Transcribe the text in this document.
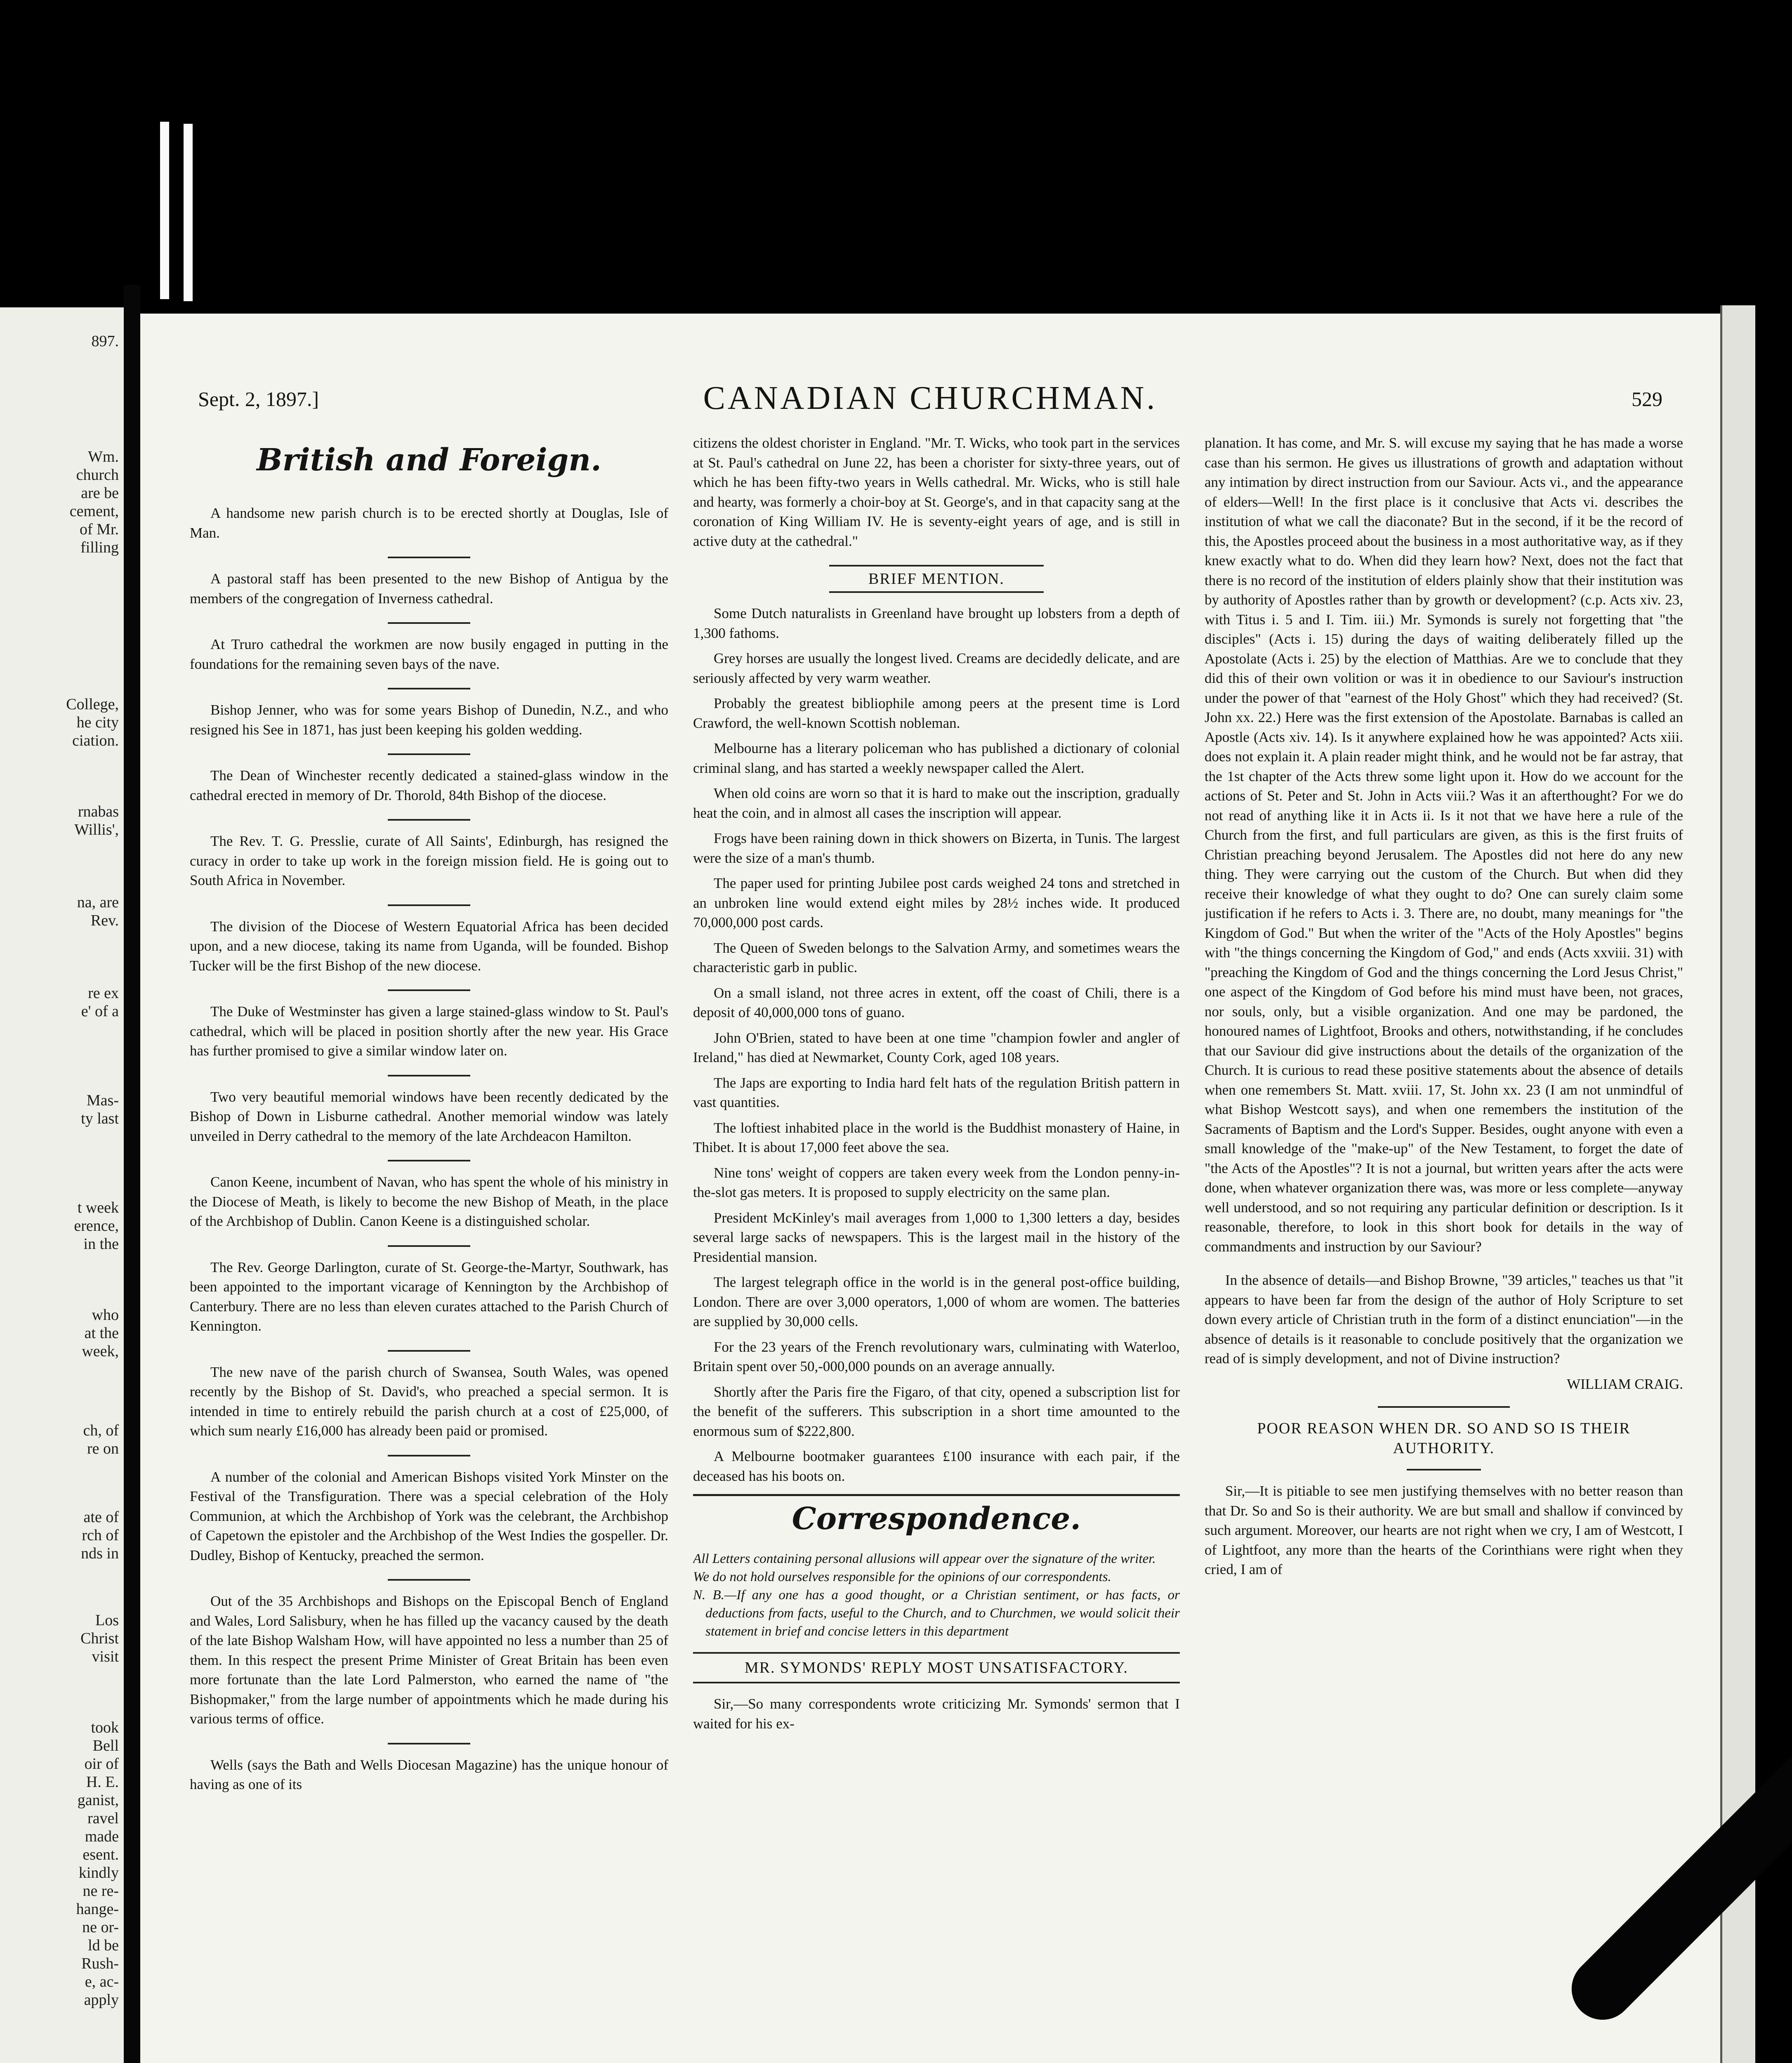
897.
Wm.
church
are be
cement,
of Mr.
filling
College,
he city
ciation.
rnabas
Willis',
na, are
Rev.
re ex
e' of a
Mas-
ty last
t week
erence,
in the
who
at the
week,
ch, of
re on
ate of
rch of
nds in
Los
Christ
visit
took
Bell
oir of
H. E.
ganist,
ravel
made
esent.
kindly
ne re-
hange-
ne or-
ld be
Rush-
e, ac-
apply
Sept. 2, 1897.]	CANADIAN CHURCHMAN.	529
British and Foreign.

A handsome new parish church is to be erected shortly at Douglas, Isle of Man.

A pastoral staff has been presented to the new Bishop of Antigua by the members of the congregation of Inverness cathedral.

At Truro cathedral the workmen are now busily engaged in putting in the foundations for the remaining seven bays of the nave.

Bishop Jenner, who was for some years Bishop of Dunedin, N.Z., and who resigned his See in 1871, has just been keeping his golden wedding.

The Dean of Winchester recently dedicated a stained-glass window in the cathedral erected in memory of Dr. Thorold, 84th Bishop of the diocese.

The Rev. T. G. Presslie, curate of All Saints', Edinburgh, has resigned the curacy in order to take up work in the foreign mission field. He is going out to South Africa in November.

The division of the Diocese of Western Equatorial Africa has been decided upon, and a new diocese, taking its name from Uganda, will be founded. Bishop Tucker will be the first Bishop of the new diocese.

The Duke of Westminster has given a large stained-glass window to St. Paul's cathedral, which will be placed in position shortly after the new year. His Grace has further promised to give a similar window later on.

Two very beautiful memorial windows have been recently dedicated by the Bishop of Down in Lisburne cathedral. Another memorial window was lately unveiled in Derry cathedral to the memory of the late Archdeacon Hamilton.

Canon Keene, incumbent of Navan, who has spent the whole of his ministry in the Diocese of Meath, is likely to become the new Bishop of Meath, in the place of the Archbishop of Dublin. Canon Keene is a distinguished scholar.

The Rev. George Darlington, curate of St. George-the-Martyr, Southwark, has been appointed to the important vicarage of Kennington by the Archbishop of Canterbury. There are no less than eleven curates attached to the Parish Church of Kennington.

The new nave of the parish church of Swansea, South Wales, was opened recently by the Bishop of St. David's, who preached a special sermon. It is intended in time to entirely rebuild the parish church at a cost of £25,000, of which sum nearly £16,000 has already been paid or promised.

A number of the colonial and American Bishops visited York Minster on the Festival of the Transfiguration. There was a special celebration of the Holy Communion, at which the Archbishop of York was the celebrant, the Archbishop of Capetown the epistoler and the Archbishop of the West Indies the gospeller. Dr. Dudley, Bishop of Kentucky, preached the sermon.

Out of the 35 Archbishops and Bishops on the Episcopal Bench of England and Wales, Lord Salisbury, when he has filled up the vacancy caused by the death of the late Bishop Walsham How, will have appointed no less a number than 25 of them. In this respect the present Prime Minister of Great Britain has been even more fortunate than the late Lord Palmerston, who earned the name of "the Bishopmaker," from the large number of appointments which he made during his various terms of office.

Wells (says the Bath and Wells Diocesan Magazine) has the unique honour of having as one of its

citizens the oldest chorister in England. "Mr. T. Wicks, who took part in the services at St. Paul's cathedral on June 22, has been a chorister for sixty-three years, out of which he has been fifty-two years in Wells cathedral. Mr. Wicks, who is still hale and hearty, was formerly a choir-boy at St. George's, and in that capacity sang at the coronation of King William IV. He is seventy-eight years of age, and is still in active duty at the cathedral."

BRIEF MENTION.

Some Dutch naturalists in Greenland have brought up lobsters from a depth of 1,300 fathoms.

Grey horses are usually the longest lived. Creams are decidedly delicate, and are seriously affected by very warm weather.

Probably the greatest bibliophile among peers at the present time is Lord Crawford, the well-known Scottish nobleman.

Melbourne has a literary policeman who has published a dictionary of colonial criminal slang, and has started a weekly newspaper called the Alert.

When old coins are worn so that it is hard to make out the inscription, gradually heat the coin, and in almost all cases the inscription will appear.

Frogs have been raining down in thick showers on Bizerta, in Tunis. The largest were the size of a man's thumb.

The paper used for printing Jubilee post cards weighed 24 tons and stretched in an unbroken line would extend eight miles by 28½ inches wide. It produced 70,000,000 post cards.

The Queen of Sweden belongs to the Salvation Army, and sometimes wears the characteristic garb in public.

On a small island, not three acres in extent, off the coast of Chili, there is a deposit of 40,000,000 tons of guano.

John O'Brien, stated to have been at one time "champion fowler and angler of Ireland," has died at Newmarket, County Cork, aged 108 years.

The Japs are exporting to India hard felt hats of the regulation British pattern in vast quantities.

The loftiest inhabited place in the world is the Buddhist monastery of Haine, in Thibet. It is about 17,000 feet above the sea.

Nine tons' weight of coppers are taken every week from the London penny-in-the-slot gas meters. It is proposed to supply electricity on the same plan.

President McKinley's mail averages from 1,000 to 1,300 letters a day, besides several large sacks of newspapers. This is the largest mail in the history of the Presidential mansion.

The largest telegraph office in the world is in the general post-office building, London. There are over 3,000 operators, 1,000 of whom are women. The batteries are supplied by 30,000 cells.

For the 23 years of the French revolutionary wars, culminating with Waterloo, Britain spent over 50,-000,000 pounds on an average annually.

Shortly after the Paris fire the Figaro, of that city, opened a subscription list for the benefit of the sufferers. This subscription in a short time amounted to the enormous sum of $222,800.

A Melbourne bootmaker guarantees £100 insurance with each pair, if the deceased has his boots on.

Correspondence.
All Letters containing personal allusions will appear over the signature of the writer.
We do not hold ourselves responsible for the opinions of our correspondents.
N. B.—If any one has a good thought, or a Christian sentiment, or has facts, or deductions from facts, useful to the Church, and to Churchmen, we would solicit their statement in brief and concise letters in this department
MR. SYMONDS' REPLY MOST UNSATISFACTORY.

Sir,—So many correspondents wrote criticizing Mr. Symonds' sermon that I waited for his ex-

planation. It has come, and Mr. S. will excuse my saying that he has made a worse case than his sermon. He gives us illustrations of growth and adaptation without any intimation by direct instruction from our Saviour. Acts vi., and the appearance of elders—Well! In the first place is it conclusive that Acts vi. describes the institution of what we call the diaconate? But in the second, if it be the record of this, the Apostles proceed about the business in a most authoritative way, as if they knew exactly what to do. When did they learn how? Next, does not the fact that there is no record of the institution of elders plainly show that their institution was by authority of Apostles rather than by growth or development? (c.p. Acts xiv. 23, with Titus i. 5 and I. Tim. iii.) Mr. Symonds is surely not forgetting that "the disciples" (Acts i. 15) during the days of waiting deliberately filled up the Apostolate (Acts i. 25) by the election of Matthias. Are we to conclude that they did this of their own volition or was it in obedience to our Saviour's instruction under the power of that "earnest of the Holy Ghost" which they had received? (St. John xx. 22.) Here was the first extension of the Apostolate. Barnabas is called an Apostle (Acts xiv. 14). Is it anywhere explained how he was appointed? Acts xiii. does not explain it. A plain reader might think, and he would not be far astray, that the 1st chapter of the Acts threw some light upon it. How do we account for the actions of St. Peter and St. John in Acts viii.? Was it an afterthought? For we do not read of anything like it in Acts ii. Is it not that we have here a rule of the Church from the first, and full particulars are given, as this is the first fruits of Christian preaching beyond Jerusalem. The Apostles did not here do any new thing. They were carrying out the custom of the Church. But when did they receive their knowledge of what they ought to do? One can surely claim some justification if he refers to Acts i. 3. There are, no doubt, many meanings for "the Kingdom of God." But when the writer of the "Acts of the Holy Apostles" begins with "the things concerning the Kingdom of God," and ends (Acts xxviii. 31) with "preaching the Kingdom of God and the things concerning the Lord Jesus Christ," one aspect of the Kingdom of God before his mind must have been, not graces, nor souls, only, but a visible organization. And one may be pardoned, the honoured names of Lightfoot, Brooks and others, notwithstanding, if he concludes that our Saviour did give instructions about the details of the organization of the Church. It is curious to read these positive statements about the absence of details when one remembers St. Matt. xviii. 17, St. John xx. 23 (I am not unmindful of what Bishop Westcott says), and when one remembers the institution of the Sacraments of Baptism and the Lord's Supper. Besides, ought anyone with even a small knowledge of the "make-up" of the New Testament, to forget the date of "the Acts of the Apostles"? It is not a journal, but written years after the acts were done, when whatever organization there was, was more or less complete—anyway well understood, and so not requiring any particular definition or description. Is it reasonable, therefore, to look in this short book for details in the way of commandments and instruction by our Saviour?

In the absence of details—and Bishop Browne, "39 articles," teaches us that "it appears to have been far from the design of the author of Holy Scripture to set down every article of Christian truth in the form of a distinct enunciation"—in the absence of details is it reasonable to conclude positively that the organization we read of is simply development, and not of Divine instruction?

WILLIAM CRAIG.
POOR REASON WHEN DR. SO AND SO IS THEIR AUTHORITY.

Sir,—It is pitiable to see men justifying themselves with no better reason than that Dr. So and So is their authority. We are but small and shallow if convinced by such argument. Moreover, our hearts are not right when we cry, I am of Westcott, I of Lightfoot, any more than the hearts of the Corinthians were right when they cried, I am of
